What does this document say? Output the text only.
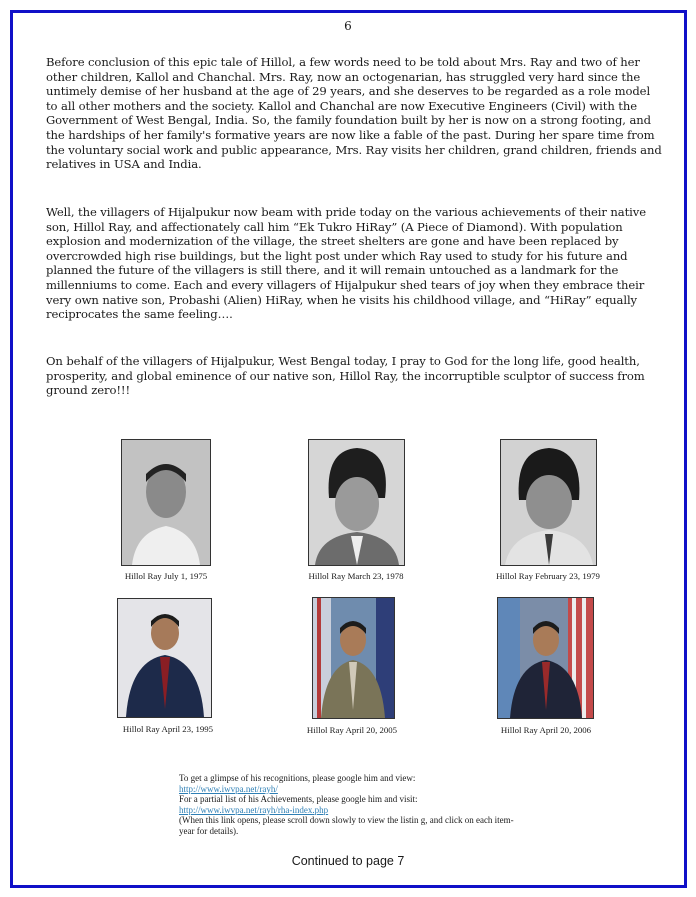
6

Before conclusion of this epic tale of Hillol, a few words need to be told about Mrs. Ray and two of her other children, Kallol and Chanchal. Mrs. Ray, now an octogenarian, has struggled very hard since the untimely demise of her husband at the age of 29 years, and she deserves to be regarded as a role model to all other mothers and the society. Kallol and Chanchal are now Executive Engineers (Civil) with the Government of West Bengal, India. So, the family foundation built by her is now on a strong footing, and the hardships of her family's formative years are now like a fable of the past. During her spare time from the voluntary social work and public appearance, Mrs. Ray visits her children, grand children, friends and relatives in USA and India.

Well, the villagers of Hijalpukur now beam with pride today on the various achievements of their native son, Hillol Ray, and affectionately call him “Ek Tukro HiRay” (A Piece of Diamond). With population explosion and modernization of the village, the street shelters are gone and have been replaced by overcrowded high rise buildings, but the light post under which Ray used to study for his future and planned the future of the villagers is still there, and it will remain untouched as a landmark for the millenniums to come. Each and every villagers of Hijalpukur shed tears of joy when they embrace their very own native son, Probashi (Alien) HiRay, when he visits his childhood village, and “HiRay” equally reciprocates the same feeling….

On behalf of the villagers of Hijalpukur, West Bengal today, I pray to God for the long life, good health, prosperity, and global eminence of our native son, Hillol Ray, the incorruptible sculptor of success from ground zero!!!

Hillol Ray July 1, 1975	Hillol Ray March 23, 1978	Hillol Ray February 23, 1979
Hillol Ray April 23, 1995	Hillol Ray April 20, 2005	Hillol Ray April 20, 2006
To get a glimpse of his recognitions, please google him and view:
http://www.iwvpa.net/rayh/
For a partial list of his Achievements, please google him and visit:
http://www.iwvpa.net/rayh/rha-index.php
(When this link opens, please scroll down slowly to view the listin g, and click on each item- year for details).
Continued to page 7
